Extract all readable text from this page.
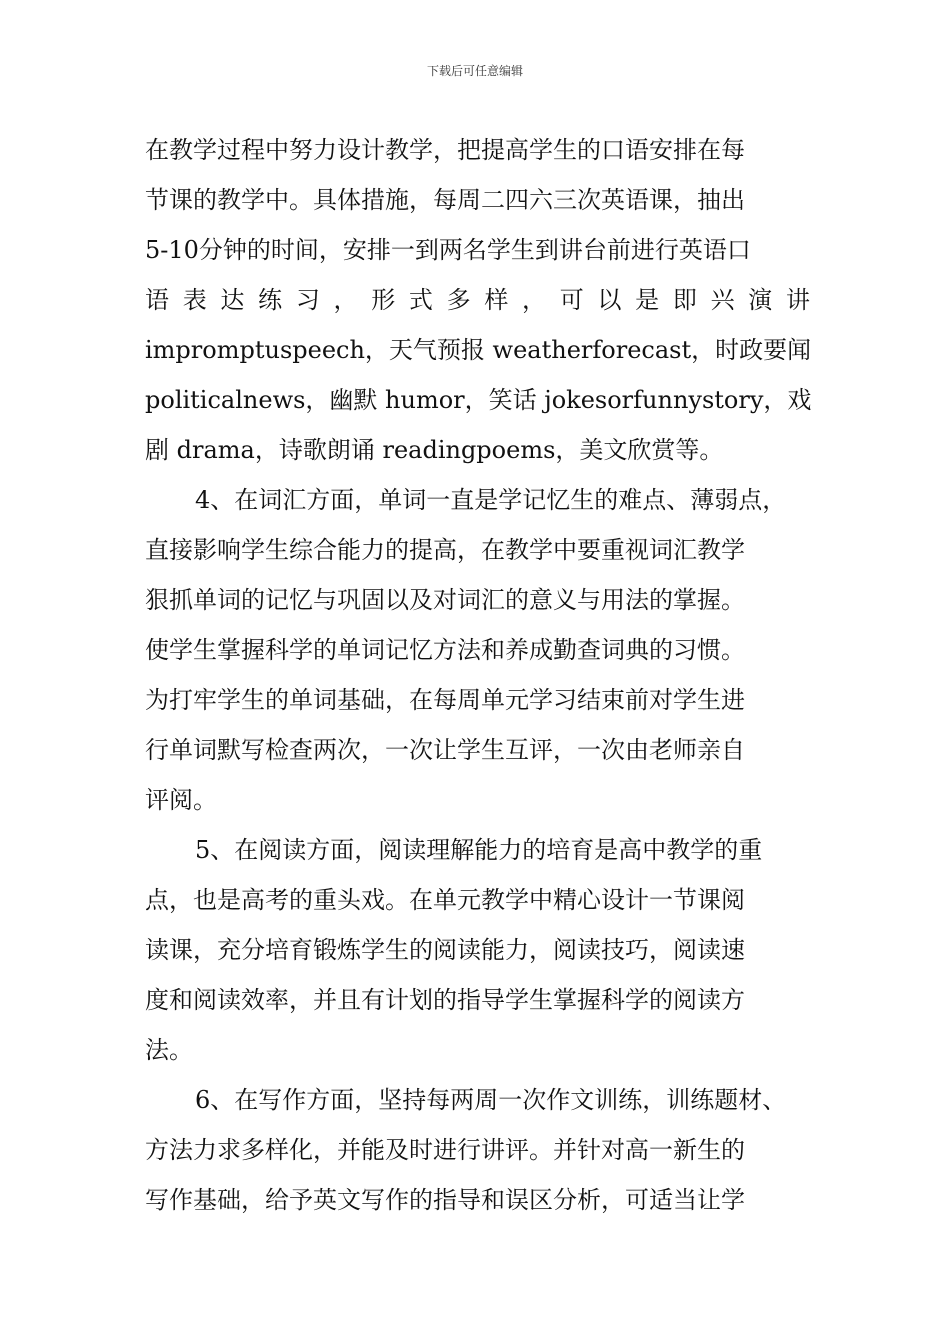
下载后可任意编辑
在教学过程中努力设计教学，把提高学生的口语安排在每
节课的教学中。具体措施，每周二四六三次英语课，抽出
5-10分钟的时间，安排一到两名学生到讲台前进行英语口
语 表 达 练 习 ， 形 式 多 样 ， 可 以 是 即 兴 演 讲
impromptuspeech，天气预报 weatherforecast，时政要闻
politicalnews，幽默 humor，笑话 jokesorfunnystory，戏
剧 drama，诗歌朗诵 readingpoems，美文欣赏等。
4、在词汇方面，单词一直是学记忆生的难点、薄弱点，
直接影响学生综合能力的提高，在教学中要重视词汇教学
狠抓单词的记忆与巩固以及对词汇的意义与用法的掌握。
使学生掌握科学的单词记忆方法和养成勤查词典的习惯。
为打牢学生的单词基础，在每周单元学习结束前对学生进
行单词默写检查两次，一次让学生互评，一次由老师亲自
评阅。
5、在阅读方面，阅读理解能力的培育是高中教学的重
点，也是高考的重头戏。在单元教学中精心设计一节课阅
读课，充分培育锻炼学生的阅读能力，阅读技巧，阅读速
度和阅读效率，并且有计划的指导学生掌握科学的阅读方
法。
6、在写作方面，坚持每两周一次作文训练，训练题材、
方法力求多样化，并能及时进行讲评。并针对高一新生的
写作基础，给予英文写作的指导和误区分析，可适当让学
